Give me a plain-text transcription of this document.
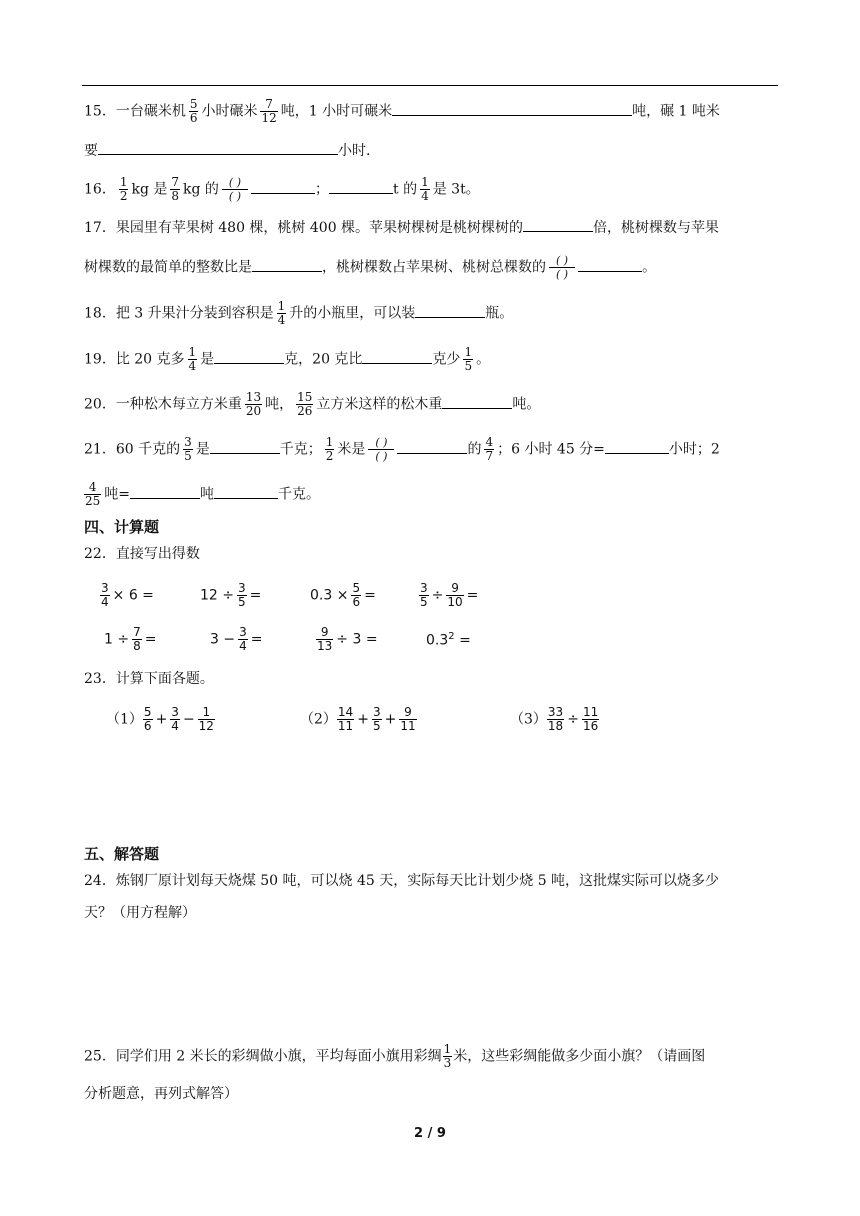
15．一台碾米机 $\frac{5}{6}$ 小时碾米 $\frac{7}{12}$ 吨，1 小时可碾米	吨，碾 1 吨米
要	小时.
16． $\frac{1}{2}$ kg 是 $\frac{7}{8}$ kg 的 $\frac{( )}{( )}$	；	t 的 $\frac{1}{4}$ 是 3t。
17．果园里有苹果树 480 棵，桃树 400 棵。苹果树棵树是桃树棵树的	倍，桃树棵数与苹果
树棵数的最简单的整数比是	，桃树棵数占苹果树、桃树总棵数的 $\frac{( )}{( )}$	。
18．把 3 升果汁分装到容积是 $\frac{1}{4}$ 升的小瓶里，可以装	瓶。
19．比 20 克多 $\frac{1}{4}$ 是	克，20 克比	克少 $\frac{1}{5}$ 。
20．一种松木每立方米重 $\frac{13}{20}$ 吨， $\frac{15}{26}$ 立方米这样的松木重	吨。
21．60 千克的 $\frac{3}{5}$ 是	千克； $\frac{1}{2}$ 米是 $\frac{( )}{( )}$	的 $\frac{4}{7}$ ；6 小时 45 分=	小时；2
$\frac{4}{25}$ 吨=	吨	千克。
四、计算题
22．直接写出得数
$\frac{3}{4} \times 6$ =	$12 \div \frac{3}{5}$ =	$0.3 \times \frac{5}{6}$ =	$\frac{3}{5} \div \frac{9}{10}$ =
$1 \div \frac{7}{8}$ =	$3 - \frac{3}{4}$ =	$\frac{9}{13} \div 3$ =	$0.3^2$ =
23．计算下面各题。
$(1) \frac{5}{6} + \frac{3}{4} - \frac{1}{12}$	$(2) \frac{14}{11} + \frac{3}{5} + \frac{9}{11}$	$(3) \frac{33}{18} \div \frac{11}{16}$
五、解答题
24．炼钢厂原计划每天烧煤 50 吨，可以烧 45 天，实际每天比计划少烧 5 吨，这批煤实际可以烧多少
天？（用方程解）
25．同学们用 2 米长的彩绸做小旗，平均每面小旗用彩绸 $\frac{1}{3}$ 米，这些彩绸能做多少面小旗？（请画图
分析题意，再列式解答）
2 / 9
